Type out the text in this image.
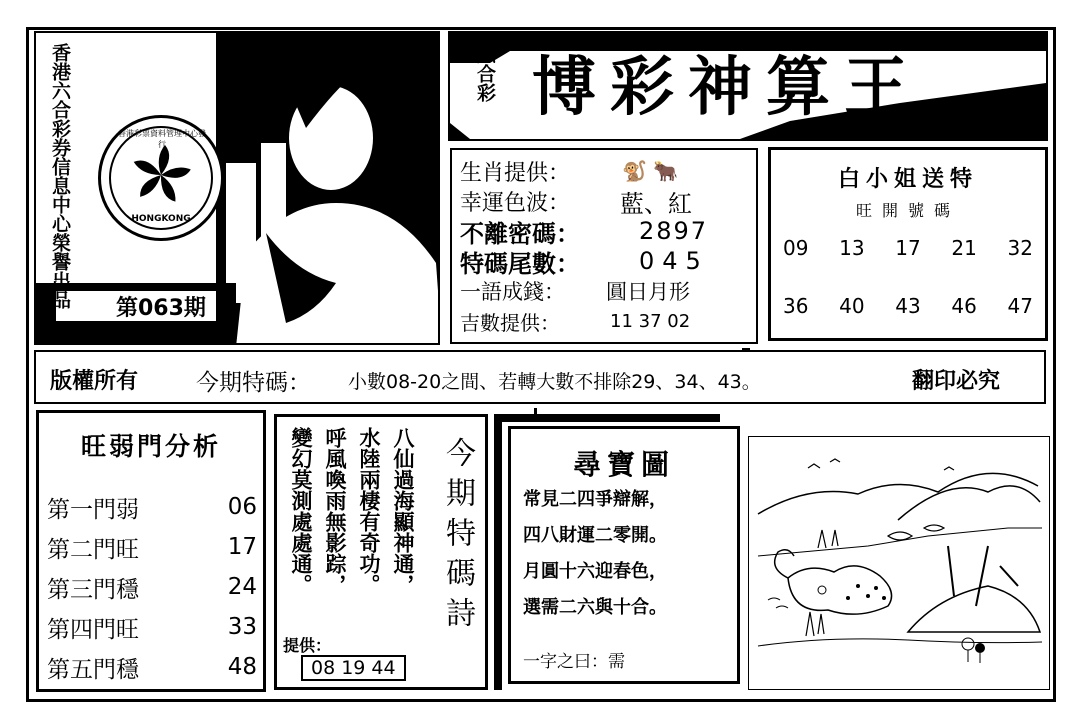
香港六合彩券信息中心榮譽出品	香港彩票資料管理中心發行
HONGKONG
第063期
六合彩 博彩神算王
生肖提供：	🐒 🐂
幸運色波：	藍、紅
不離密碼：	2897
特碼尾數：	045
一語成錢：	圓日月形
吉數提供：	11 37 02
白小姐送特
旺開號碼
09 13 17 21 32
36 40 43 46 47
版權所有	今期特碼： 小數08-20之間、若轉大數不排除29、34、43。	翻印必究
旺弱門分析
第一門弱	06
第二門旺	17
第三門穩	24
第四門旺	33
第五門穩	48
八仙過海顯神通，
水陸兩棲有奇功。
呼風喚雨無影踪，
變幻莫測處處通。	今期特碼詩
提供：
08 19 44
尋寶圖
常見二四爭辯解，
四八財運二零開。
月圓十六迎春色，
選需二六與十合。
一字之曰：需
